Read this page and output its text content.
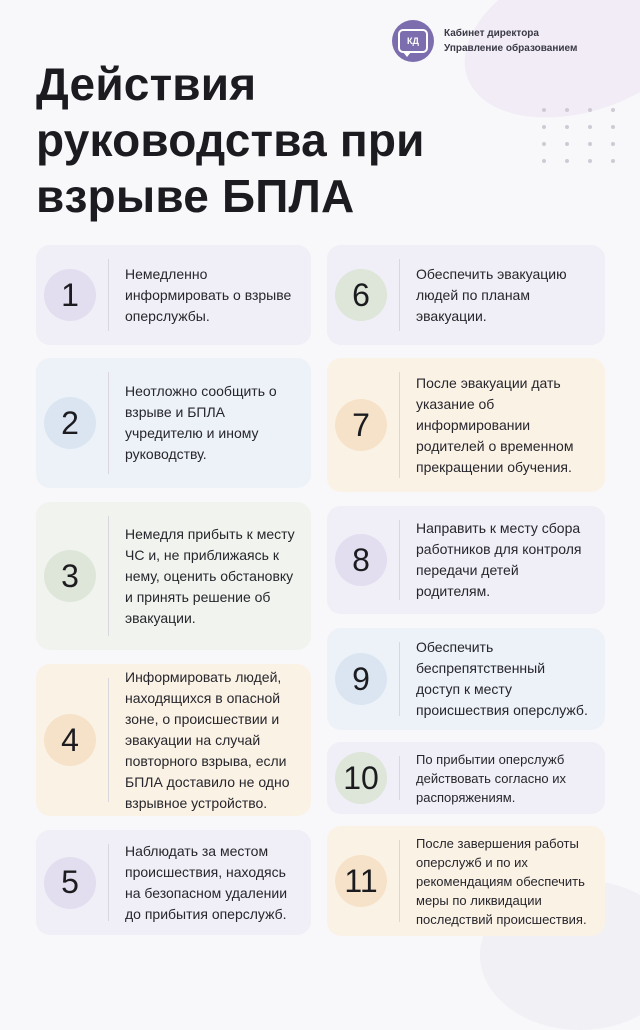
КД
Кабинет директора
Управление образованием
Действия
руководства при
взрыве БПЛА
1
Немедленно информировать о взрыве оперслужбы.
2
Неотложно сообщить о взрыве и БПЛА учредителю и иному руководству.
3
Немедля прибыть к месту ЧС и, не приближаясь к нему, оценить обстановку и принять решение об эвакуации.
4
Информировать людей, находящихся в опасной зоне, о происшествии и эвакуации на случай повторного взрыва, если БПЛА доставило не одно взрывное устройство.
5
Наблюдать за местом происшествия, находясь на безопасном удалении до прибытия оперслужб.
6
Обеспечить эвакуацию людей по планам эвакуации.
7
После эвакуации дать указание об информировании родителей о временном прекращении обучения.
8
Направить к месту сбора работников для контроля передачи детей родителям.
9
Обеспечить беспрепятственный доступ к месту происшествия оперслужб.
10
По прибытии оперслужб действовать согласно их распоряжениям.
11
После завершения работы оперслужб и по их рекомендациям обеспечить меры по ликвидации последствий происшествия.
